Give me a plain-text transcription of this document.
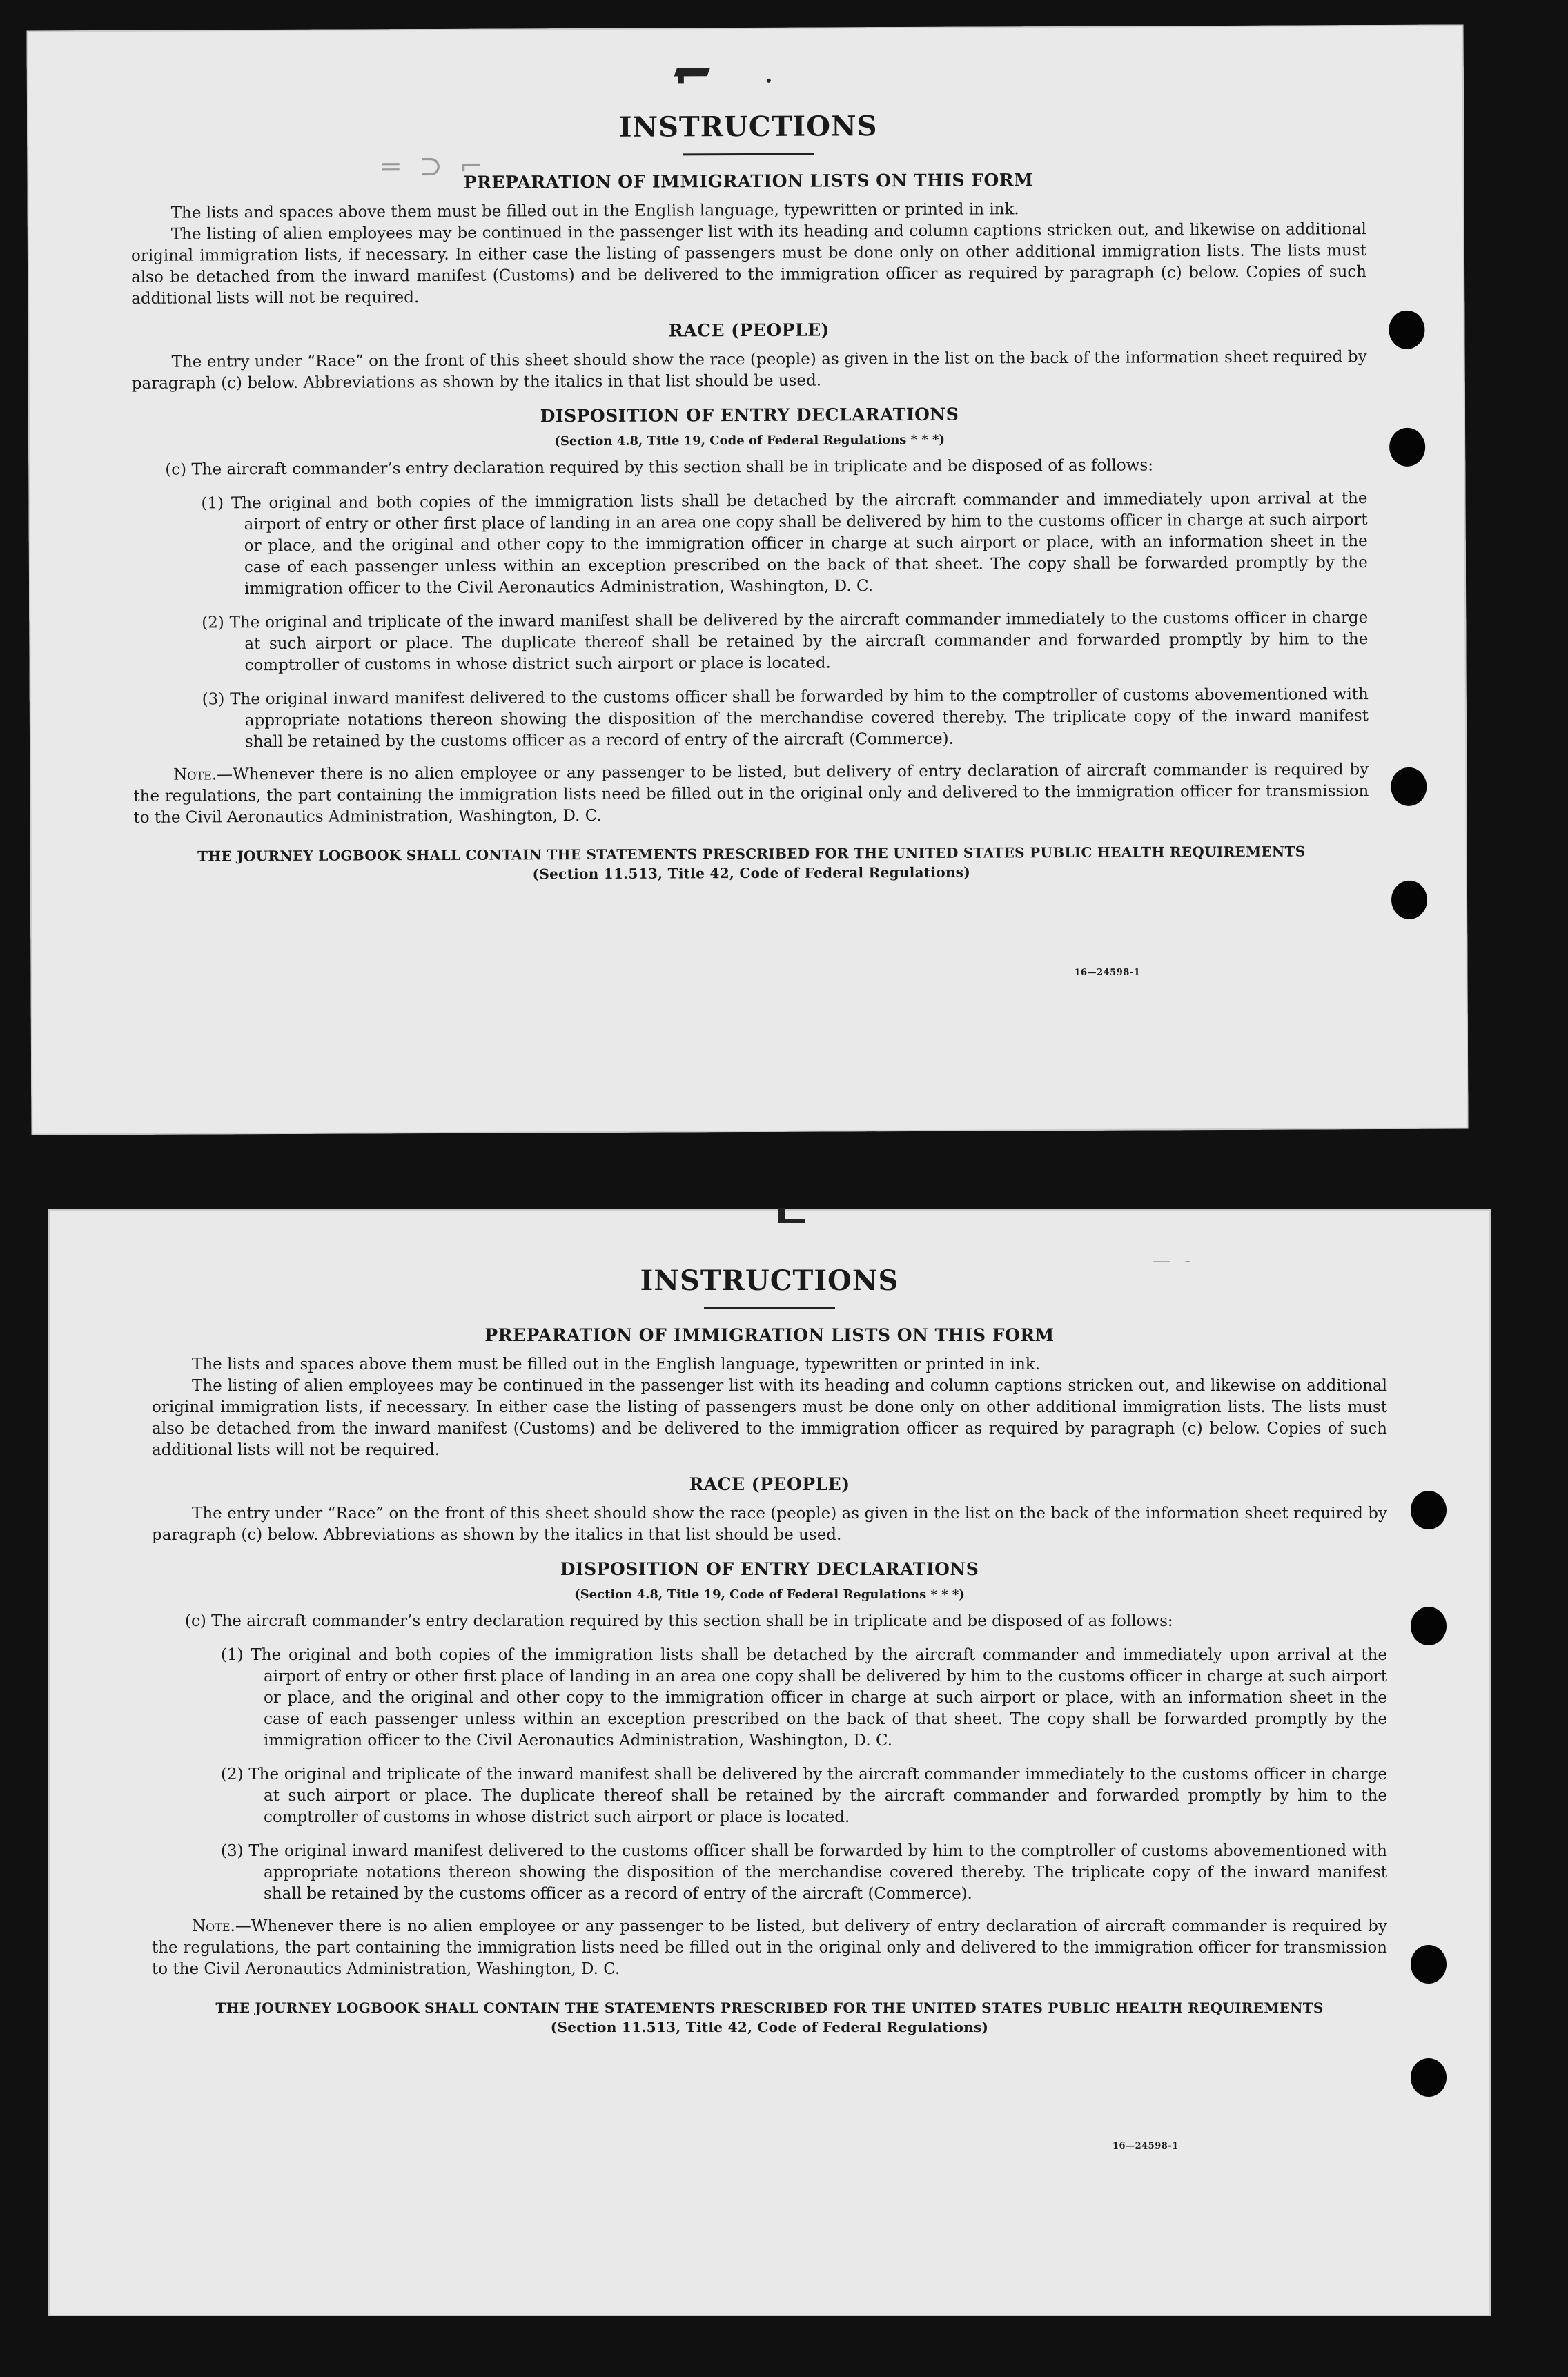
= ⊃ ⌐
INSTRUCTIONS
PREPARATION OF IMMIGRATION LISTS ON THIS FORM

The lists and spaces above them must be filled out in the English language, typewritten or printed in ink.

The listing of alien employees may be continued in the passenger list with its heading and column captions stricken out, and likewise on additional original immigration lists, if necessary. In either case the listing of passengers must be done only on other additional immigration lists. The lists must also be detached from the inward manifest (Customs) and be delivered to the immigration officer as required by paragraph (c) below. Copies of such additional lists will not be required.

RACE (PEOPLE)

The entry under “Race” on the front of this sheet should show the race (people) as given in the list on the back of the information sheet required by paragraph (c) below. Abbreviations as shown by the italics in that list should be used.

DISPOSITION OF ENTRY DECLARATIONS
(Section 4.8, Title 19, Code of Federal Regulations * * *)

(c) The aircraft commander’s entry declaration required by this section shall be in triplicate and be disposed of as follows:

(1) The original and both copies of the immigration lists shall be detached by the aircraft commander and immediately upon arrival at the airport of entry or other first place of landing in an area one copy shall be delivered by him to the customs officer in charge at such airport or place, and the original and other copy to the immigration officer in charge at such airport or place, with an information sheet in the case of each passenger unless within an exception prescribed on the back of that sheet. The copy shall be forwarded promptly by the immigration officer to the Civil Aeronautics Administration, Washington, D. C.

(2) The original and triplicate of the inward manifest shall be delivered by the aircraft commander immediately to the customs officer in charge at such airport or place. The duplicate thereof shall be retained by the aircraft commander and forwarded promptly by him to the comptroller of customs in whose district such airport or place is located.

(3) The original inward manifest delivered to the customs officer shall be forwarded by him to the comptroller of customs abovementioned with appropriate notations thereon showing the disposition of the merchandise covered thereby. The triplicate copy of the inward manifest shall be retained by the customs officer as a record of entry of the aircraft (Commerce).

Note.—Whenever there is no alien employee or any passenger to be listed, but delivery of entry declaration of aircraft commander is required by the regulations, the part containing the immigration lists need be filled out in the original only and delivered to the immigration officer for transmission to the Civil Aeronautics Administration, Washington, D. C.

THE JOURNEY LOGBOOK SHALL CONTAIN THE STATEMENTS PRESCRIBED FOR THE UNITED STATES PUBLIC HEALTH REQUIREMENTS
(Section 11.513, Title 42, Code of Federal Regulations)
16—24598-1
— ‑
INSTRUCTIONS
PREPARATION OF IMMIGRATION LISTS ON THIS FORM

The lists and spaces above them must be filled out in the English language, typewritten or printed in ink.

The listing of alien employees may be continued in the passenger list with its heading and column captions stricken out, and likewise on additional original immigration lists, if necessary. In either case the listing of passengers must be done only on other additional immigration lists. The lists must also be detached from the inward manifest (Customs) and be delivered to the immigration officer as required by paragraph (c) below. Copies of such additional lists will not be required.

RACE (PEOPLE)

The entry under “Race” on the front of this sheet should show the race (people) as given in the list on the back of the information sheet required by paragraph (c) below. Abbreviations as shown by the italics in that list should be used.

DISPOSITION OF ENTRY DECLARATIONS
(Section 4.8, Title 19, Code of Federal Regulations * * *)

(c) The aircraft commander’s entry declaration required by this section shall be in triplicate and be disposed of as follows:

(1) The original and both copies of the immigration lists shall be detached by the aircraft commander and immediately upon arrival at the airport of entry or other first place of landing in an area one copy shall be delivered by him to the customs officer in charge at such airport or place, and the original and other copy to the immigration officer in charge at such airport or place, with an information sheet in the case of each passenger unless within an exception prescribed on the back of that sheet. The copy shall be forwarded promptly by the immigration officer to the Civil Aeronautics Administration, Washington, D. C.

(2) The original and triplicate of the inward manifest shall be delivered by the aircraft commander immediately to the customs officer in charge at such airport or place. The duplicate thereof shall be retained by the aircraft commander and forwarded promptly by him to the comptroller of customs in whose district such airport or place is located.

(3) The original inward manifest delivered to the customs officer shall be forwarded by him to the comptroller of customs abovementioned with appropriate notations thereon showing the disposition of the merchandise covered thereby. The triplicate copy of the inward manifest shall be retained by the customs officer as a record of entry of the aircraft (Commerce).

Note.—Whenever there is no alien employee or any passenger to be listed, but delivery of entry declaration of aircraft commander is required by the regulations, the part containing the immigration lists need be filled out in the original only and delivered to the immigration officer for transmission to the Civil Aeronautics Administration, Washington, D. C.

THE JOURNEY LOGBOOK SHALL CONTAIN THE STATEMENTS PRESCRIBED FOR THE UNITED STATES PUBLIC HEALTH REQUIREMENTS
(Section 11.513, Title 42, Code of Federal Regulations)
16—24598-1
